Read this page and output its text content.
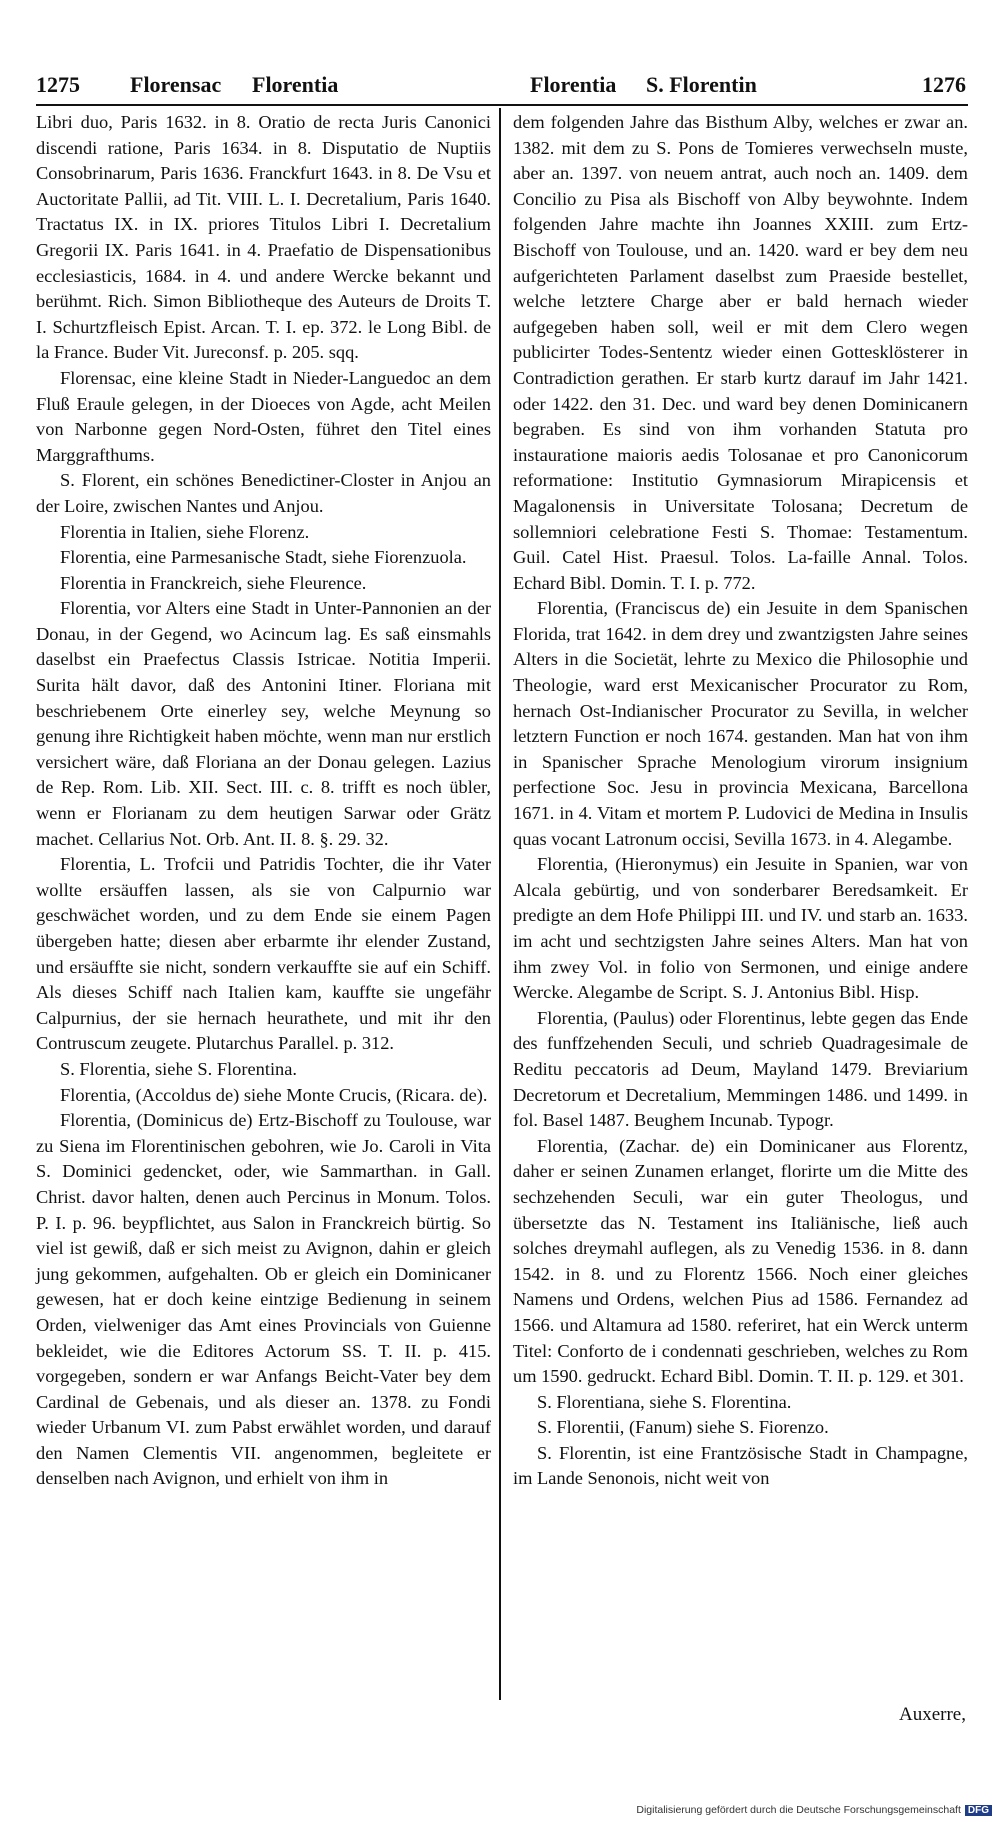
1275 Florensac Florentia	Florentia S. Florentin	1276

Libri duo, Paris 1632. in 8. Oratio de recta Juris Canonici discendi ratione, Paris 1634. in 8. Disputatio de Nuptiis Consobrinarum, Paris 1636. Franckfurt 1643. in 8. De Vsu et Auctoritate Pallii, ad Tit. VIII. L. I. Decretalium, Paris 1640. Tractatus IX. in IX. priores Titulos Libri I. Decretalium Gregorii IX. Paris 1641. in 4. Praefatio de Dispensationibus ecclesiasticis, 1684. in 4. und andere Wercke bekannt und berühmt. Rich. Simon Bibliotheque des Auteurs de Droits T. I. Schurtzfleisch Epist. Arcan. T. I. ep. 372. le Long Bibl. de la France. Buder Vit. Jureconsf. p. 205. sqq.

Florensac, eine kleine Stadt in Nieder-Languedoc an dem Fluß Eraule gelegen, in der Dioeces von Agde, acht Meilen von Narbonne gegen Nord-Osten, führet den Titel eines Marggrafthums.

S. Florent, ein schönes Benedictiner-Closter in Anjou an der Loire, zwischen Nantes und Anjou.

Florentia in Italien, siehe Florenz.

Florentia, eine Parmesanische Stadt, siehe Fiorenzuola.

Florentia in Franckreich, siehe Fleurence.

Florentia, vor Alters eine Stadt in Unter-Pannonien an der Donau, in der Gegend, wo Acincum lag. Es saß einsmahls daselbst ein Praefectus Classis Istricae. Notitia Imperii. Surita hält davor, daß des Antonini Itiner. Floriana mit beschriebenem Orte einerley sey, welche Meynung so genung ihre Richtigkeit haben möchte, wenn man nur erstlich versichert wäre, daß Floriana an der Donau gelegen. Lazius de Rep. Rom. Lib. XII. Sect. III. c. 8. trifft es noch übler, wenn er Florianam zu dem heutigen Sarwar oder Grätz machet. Cellarius Not. Orb. Ant. II. 8. §. 29. 32.

Florentia, L. Trofcii und Patridis Tochter, die ihr Vater wollte ersäuffen lassen, als sie von Calpurnio war geschwächet worden, und zu dem Ende sie einem Pagen übergeben hatte; diesen aber erbarmte ihr elender Zustand, und ersäuffte sie nicht, sondern verkauffte sie auf ein Schiff. Als dieses Schiff nach Italien kam, kauffte sie ungefähr Calpurnius, der sie hernach heurathete, und mit ihr den Contruscum zeugete. Plutarchus Parallel. p. 312.

S. Florentia, siehe S. Florentina.

Florentia, (Accoldus de) siehe Monte Crucis, (Ricara. de).

Florentia, (Dominicus de) Ertz-Bischoff zu Toulouse, war zu Siena im Florentinischen gebohren, wie Jo. Caroli in Vita S. Dominici gedencket, oder, wie Sammarthan. in Gall. Christ. davor halten, denen auch Percinus in Monum. Tolos. P. I. p. 96. beypflichtet, aus Salon in Franckreich bürtig. So viel ist gewiß, daß er sich meist zu Avignon, dahin er gleich jung gekommen, aufgehalten. Ob er gleich ein Dominicaner gewesen, hat er doch keine eintzige Bedienung in seinem Orden, vielweniger das Amt eines Provincials von Guienne bekleidet, wie die Editores Actorum SS. T. II. p. 415. vorgegeben, sondern er war Anfangs Beicht-Vater bey dem Cardinal de Gebenais, und als dieser an. 1378. zu Fondi wieder Urbanum VI. zum Pabst erwählet worden, und darauf den Namen Clementis VII. angenommen, begleitete er denselben nach Avignon, und erhielt von ihm in

dem folgenden Jahre das Bisthum Alby, welches er zwar an. 1382. mit dem zu S. Pons de Tomieres verwechseln muste, aber an. 1397. von neuem antrat, auch noch an. 1409. dem Concilio zu Pisa als Bischoff von Alby beywohnte. Indem folgenden Jahre machte ihn Joannes XXIII. zum Ertz-Bischoff von Toulouse, und an. 1420. ward er bey dem neu aufgerichteten Parlament daselbst zum Praeside bestellet, welche letztere Charge aber er bald hernach wieder aufgegeben haben soll, weil er mit dem Clero wegen publicirter Todes-Sententz wieder einen Gottesklösterer in Contradiction gerathen. Er starb kurtz darauf im Jahr 1421. oder 1422. den 31. Dec. und ward bey denen Dominicanern begraben. Es sind von ihm vorhanden Statuta pro instauratione maioris aedis Tolosanae et pro Canonicorum reformatione: Institutio Gymnasiorum Mirapicensis et Magalonensis in Universitate Tolosana; Decretum de sollemniori celebratione Festi S. Thomae: Testamentum. Guil. Catel Hist. Praesul. Tolos. La-faille Annal. Tolos. Echard Bibl. Domin. T. I. p. 772.

Florentia, (Franciscus de) ein Jesuite in dem Spanischen Florida, trat 1642. in dem drey und zwantzigsten Jahre seines Alters in die Societät, lehrte zu Mexico die Philosophie und Theologie, ward erst Mexicanischer Procurator zu Rom, hernach Ost-Indianischer Procurator zu Sevilla, in welcher letztern Function er noch 1674. gestanden. Man hat von ihm in Spanischer Sprache Menologium virorum insignium perfectione Soc. Jesu in provincia Mexicana, Barcellona 1671. in 4. Vitam et mortem P. Ludovici de Medina in Insulis quas vocant Latronum occisi, Sevilla 1673. in 4. Alegambe.

Florentia, (Hieronymus) ein Jesuite in Spanien, war von Alcala gebürtig, und von sonderbarer Beredsamkeit. Er predigte an dem Hofe Philippi III. und IV. und starb an. 1633. im acht und sechtzigsten Jahre seines Alters. Man hat von ihm zwey Vol. in folio von Sermonen, und einige andere Wercke. Alegambe de Script. S. J. Antonius Bibl. Hisp.

Florentia, (Paulus) oder Florentinus, lebte gegen das Ende des funffzehenden Seculi, und schrieb Quadragesimale de Reditu peccatoris ad Deum, Mayland 1479. Breviarium Decretorum et Decretalium, Memmingen 1486. und 1499. in fol. Basel 1487. Beughem Incunab. Typogr.

Florentia, (Zachar. de) ein Dominicaner aus Florentz, daher er seinen Zunamen erlanget, florirte um die Mitte des sechzehenden Seculi, war ein guter Theologus, und übersetzte das N. Testament ins Italiänische, ließ auch solches dreymahl auflegen, als zu Venedig 1536. in 8. dann 1542. in 8. und zu Florentz 1566. Noch einer gleiches Namens und Ordens, welchen Pius ad 1586. Fernandez ad 1566. und Altamura ad 1580. referiret, hat ein Werck unterm Titel: Conforto de i condennati geschrieben, welches zu Rom um 1590. gedruckt. Echard Bibl. Domin. T. II. p. 129. et 301.

S. Florentiana, siehe S. Florentina.

S. Florentii, (Fanum) siehe S. Fiorenzo.

S. Florentin, ist eine Frantzösische Stadt in Champagne, im Lande Senonois, nicht weit von

Auxerre,
Digitalisierung gefördert durch die Deutsche Forschungsgemeinschaft DFG
